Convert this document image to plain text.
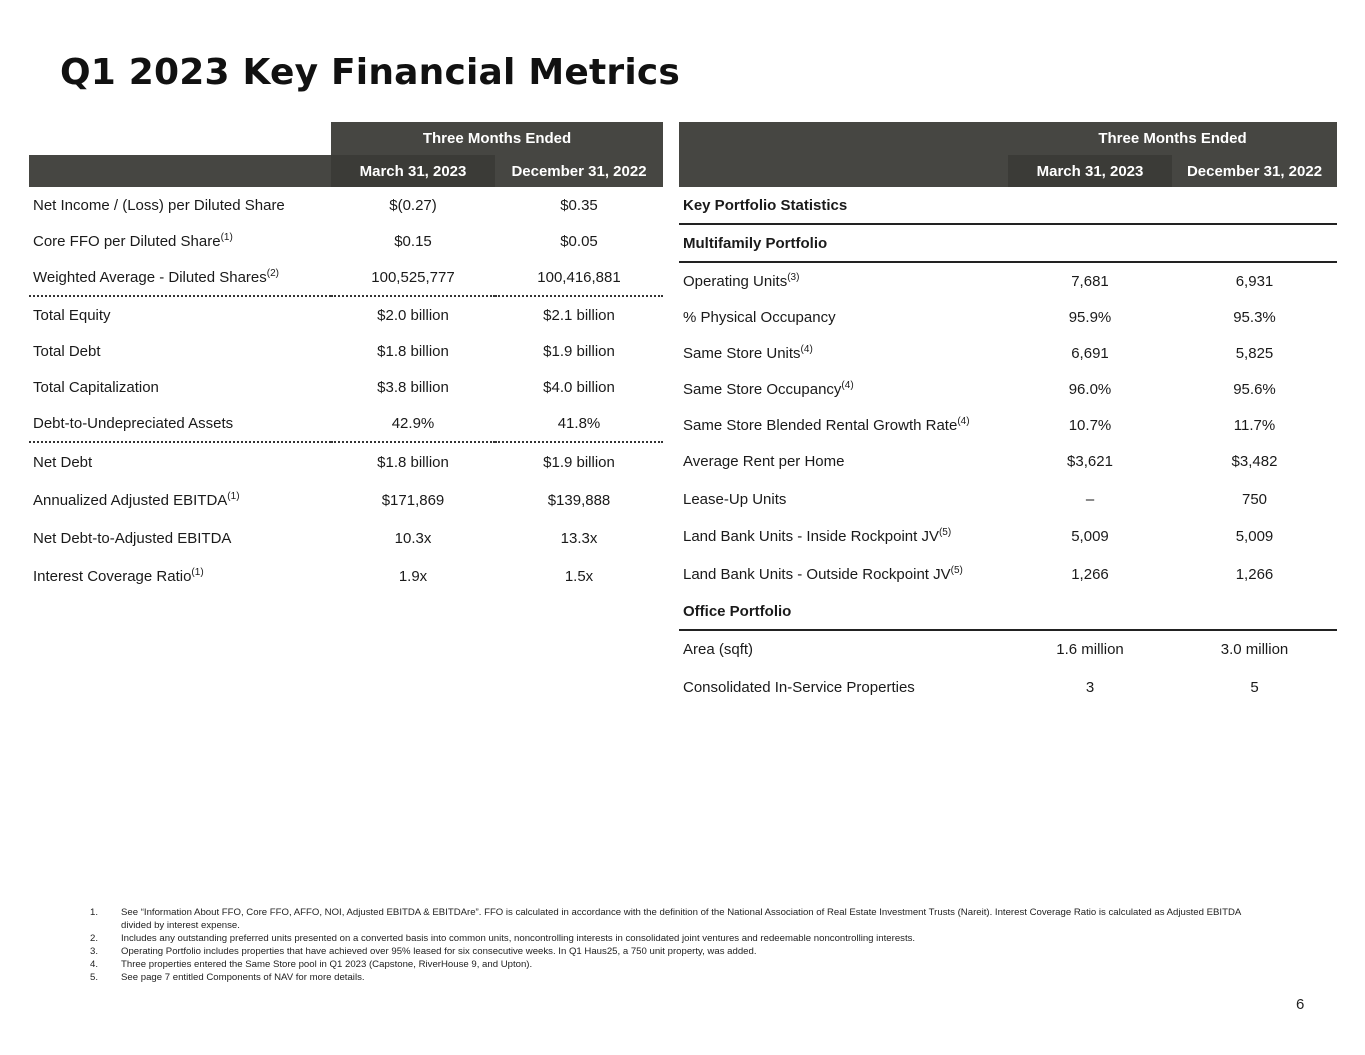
Q1 2023 Key Financial Metrics
	Three Months Ended	
	March 31, 2023	December 31, 2022
Net Income / (Loss) per Diluted Share	$(0.27)	$0.35
Core FFO per Diluted Share$^{(1)}$	$0.15	$0.05
Weighted Average - Diluted Shares$^{(2)}$	100,525,777	100,416,881
Total Equity	$2.0 billion	$2.1 billion
Total Debt	$1.8 billion	$1.9 billion
Total Capitalization	$3.8 billion	$4.0 billion
Debt-to-Undepreciated Assets	42.9%	41.8%
Net Debt	$1.8 billion	$1.9 billion
Annualized Adjusted EBITDA$^{(1)}$	$171,869	$139,888
Net Debt-to-Adjusted EBITDA	10.3x	13.3x
Interest Coverage Ratio$^{(1)}$	1.9x	1.5x
	Three Months Ended	
	March 31, 2023	December 31, 2022
Key Portfolio Statistics		
Multifamily Portfolio		
Operating Units$^{(3)}$	7,681	6,931
% Physical Occupancy	95.9%	95.3%
Same Store Units$^{(4)}$	6,691	5,825
Same Store Occupancy$^{(4)}$	96.0%	95.6%
Same Store Blended Rental Growth Rate$^{(4)}$	10.7%	11.7%
Average Rent per Home	$3,621	$3,482
Lease-Up Units	–	750
Land Bank Units - Inside Rockpoint JV$^{(5)}$	5,009	5,009
Land Bank Units - Outside Rockpoint JV$^{(5)}$	1,266	1,266
Office Portfolio		
Area (sqft)	1.6 million	3.0 million
Consolidated In-Service Properties	3	5
1.	See “Information About FFO, Core FFO, AFFO, NOI, Adjusted EBITDA & EBITDAre”. FFO is calculated in accordance with the definition of the National Association of Real Estate Investment Trusts (Nareit). Interest Coverage Ratio is calculated as Adjusted EBITDA divided by interest expense.
2.	Includes any outstanding preferred units presented on a converted basis into common units, noncontrolling interests in consolidated joint ventures and redeemable noncontrolling interests.
3.	Operating Portfolio includes properties that have achieved over 95% leased for six consecutive weeks. In Q1 Haus25, a 750 unit property, was added.
4.	Three properties entered the Same Store pool in Q1 2023 (Capstone, RiverHouse 9, and Upton).
5.	See page 7 entitled Components of NAV for more details.
6
